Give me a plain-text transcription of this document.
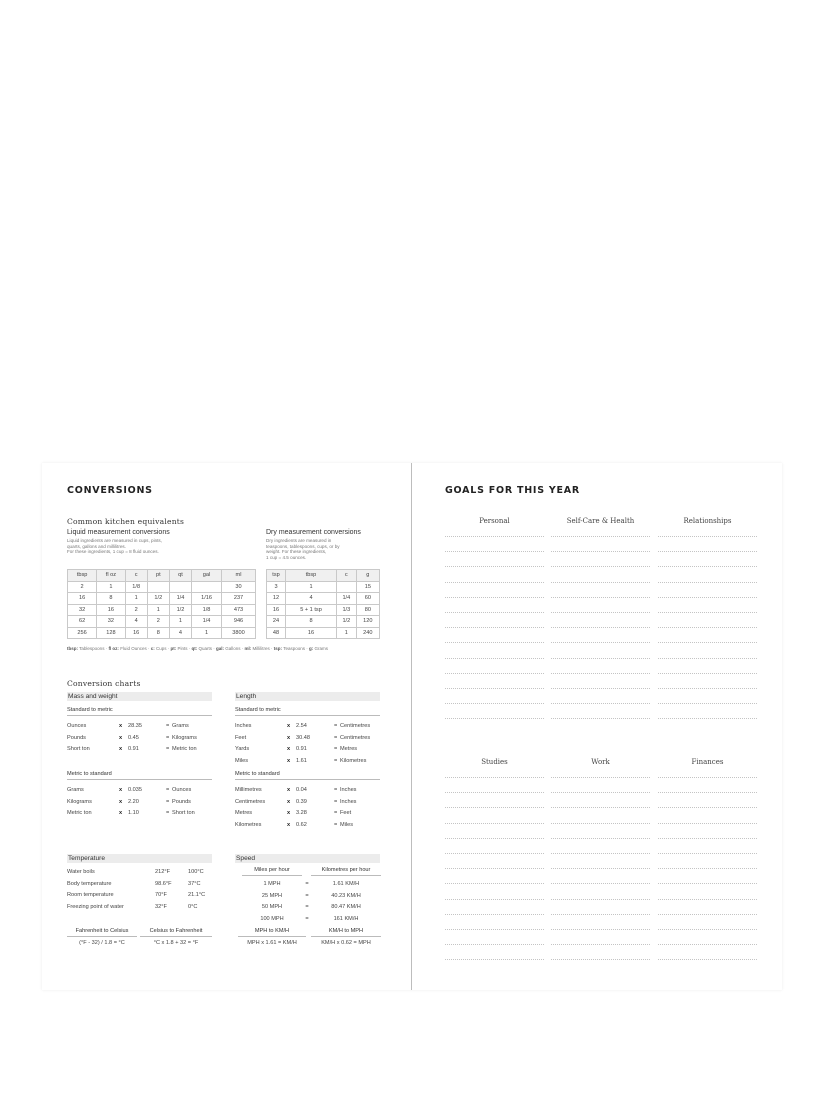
CONVERSIONS
Common kitchen equivalents
Liquid measurement conversions
Liquid ingredients are measured in cups, pints,
quarts, gallons and millilitres.
For these ingredients, 1 cup = 8 fluid ounces.
Dry measurement conversions
Dry ingredients are measured in
teaspoons, tablespoons, cups, or by
weight. For these ingredients,
1 cup = 4.5 ounces.
tbsp	fl oz	c	pt	qt	gal	ml
2	1	1/8				30
16	8	1	1/2	1/4	1/16	237
32	16	2	1	1/2	1/8	473
62	32	4	2	1	1/4	946
256	128	16	8	4	1	3800
tsp	tbsp	c	g
3	1		15
12	4	1/4	60
16	5 + 1 tsp	1/3	80
24	8	1/2	120
48	16	1	240
tbsp: Tablespoons · fl oz: Fluid Ounces · c: Cups · pt: Pints · qt: Quarts · gal: Gallons · ml: Millilitres · tsp: Teaspoons · g: Grams
Conversion charts
Mass and weight
Standard to metric
Ounces	x 28.35	= Grams
Pounds	x 0.45	= Kilograms
Short ton	x 0.91	= Metric ton
Metric to standard
Grams	x 0.035	= Ounces
Kilograms	x 2.20	= Pounds
Metric ton	x 1.10	= Short ton
Length
Standard to metric
Inches	x 2.54	= Centimetres
Feet	x 30.48	= Centimetres
Yards	x 0.91	= Metres
Miles	x 1.61	= Kilometres
Metric to standard
Millimetres	x 0.04	= Inches
Centimetres	x 0.39	= Inches
Metres	x 3.28	= Feet
Kilometres	x 0.62	= Miles
Temperature
Water boils	212°F	100°C
Body temperature	98.6°F	37°C
Room temperature	70°F	21.1°C
Freezing point of water	32°F	0°C
Fahrenheit to Celsius
(°F - 32) / 1.8 = °C
Celsius to Fahrenheit
°C x 1.8 + 32 = °F
Speed
Miles per hour	Kilometres per hour
1 MPH	=	1.61 KM/H
25 MPH	=	40.23 KM/H
50 MPH	=	80.47 KM/H
100 MPH	=	161 KM/H
MPH to KM/H
MPH x 1.61 = KM/H
KM/H to MPH
KM/H x 0.62 = MPH
GOALS FOR THIS YEAR
Personal	Self-Care & Health	Relationships
Studies	Work	Finances
